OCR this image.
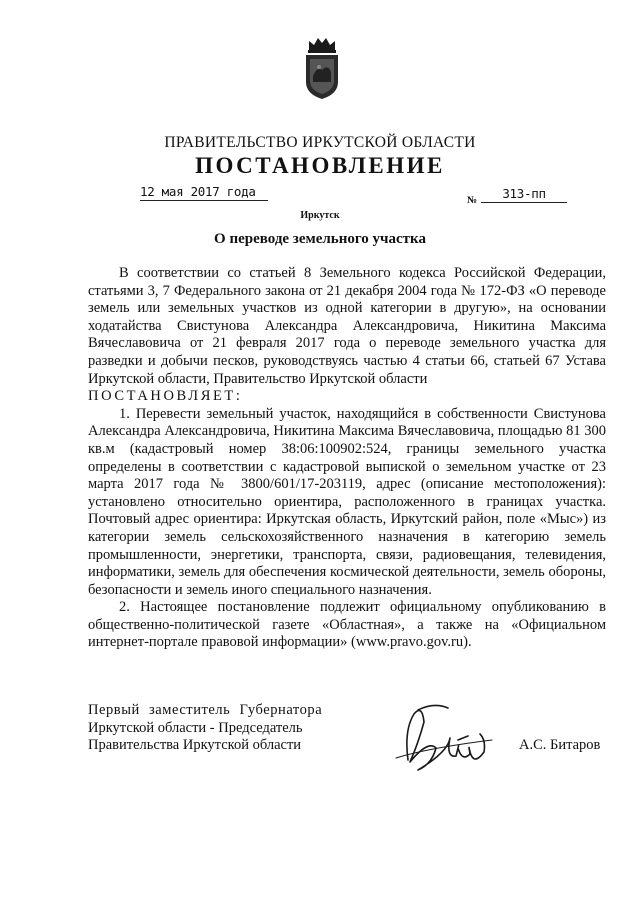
ПРАВИТЕЛЬСТВО ИРКУТСКОЙ ОБЛАСТИ
ПОСТАНОВЛЕНИЕ
12 мая 2017 года
№	313-пп
Иркутск
О переводе земельного участка

В соответствии со статьей 8 Земельного кодекса Российской Федерации, статьями 3, 7 Федерального закона от 21 декабря 2004 года № 172-ФЗ «О переводе земель или земельных участков из одной категории в другую», на основании ходатайства Свистунова Александра Александровича, Никитина Максима Вячеславовича от 21 февраля 2017 года о переводе земельного участка для разведки и добычи песков, руководствуясь частью 4 статьи 66, статьей 67 Устава Иркутской области, Правительство Иркутской области

ПОСТАНОВЛЯЕТ:

1. Перевести земельный участок, находящийся в собственности Свистунова Александра Александровича, Никитина Максима Вячеславовича, площадью 81 300 кв.м (кадастровый номер 38:06:100902:524, границы земельного участка определены в соответствии с кадастровой выпиской о земельном участке от 23 марта 2017 года № 3800/601/17-203119, адрес (описание местоположения): установлено относительно ориентира, расположенного в границах участка. Почтовый адрес ориентира: Иркутская область, Иркутский район, поле «Мыс») из категории земель сельскохозяйственного назначения в категорию земель промышленности, энергетики, транспорта, связи, радиовещания, телевидения, информатики, земель для обеспечения космической деятельности, земель обороны, безопасности и земель иного специального назначения.

2. Настоящее постановление подлежит официальному опубликованию в общественно-политической газете «Областная», а также на «Официальном интернет-портале правовой информации» (www.pravo.gov.ru).

Первый заместитель Губернатора
Иркутской области - Председатель
Правительства Иркутской области	А.С. Битаров
